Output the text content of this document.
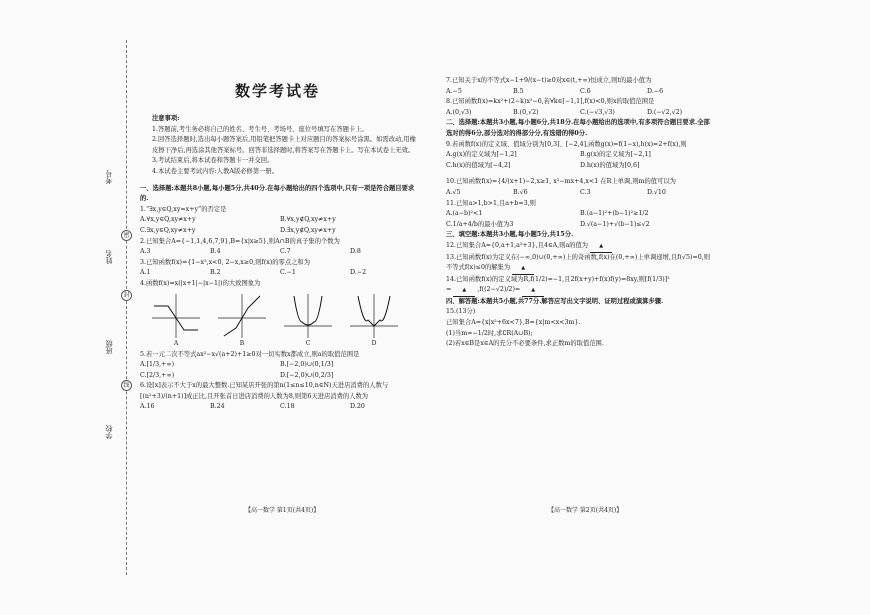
考号
姓名
班级
学校
密
封
线
数学考试卷
注意事项:
1.答题前,考生务必将自己的姓名、考生号、考场号、座位号填写在答题卡上。
2.回答选择题时,选出每小题答案后,用铅笔把答题卡上对应题目的答案标号涂黑。如需改动,用橡皮擦干净后,再选涂其他答案标号。回答非选择题时,将答案写在答题卡上。写在本试卷上无效。
3.考试结束后,将本试卷和答题卡一并交回。
4.本试卷主要考试内容:人教A版必修第一册。
一、选择题:本题共8小题,每小题5分,共40分.在每小题给出的四个选项中,只有一项是符合题目要求的.
1.“∃x,y∈Q,xy=x+y”的否定是
A.∀x,y∈Q,xy≠x+y	B.∀x,y∉Q,xy≠x+y
C.∃x,y∈Q,xy≠x+y	D.∃x,y∉Q,xy≠x+y
2.已知集合A={−1,1,4,6,7,9},B={x|x≥5},则A∩B的真子集的个数为
A.3	B.4	C.7	D.8
3.已知函数f(x)={1−x²,x<0, 2−x,x≥0,则f(x)的零点之和为
A.1	B.2	C.−1	D.−2
4.函数f(x)=x(|x+1|−|x−1|)的大致图象为
A	B	C	D
5.若一元二次不等式ax²−x√(a+2)+1≥0对一切实数x都成立,则a的取值范围是
A.[1/3,+∞)	B.[−2,0)∪(0,1/3]
C.[2/3,+∞)	D.[−2,0)∪(0,2/3]
6.设[x]表示不大于x的最大整数.已知某店开张的第n(1≤n≤10,n∈N)天进店消费的人数与[(n²+3)/(n+1)]成正比,且开张首日进店消费的人数为8,则第6天进店消费的人数为
A.16	B.24	C.18	D.20
【高一数学 第1页(共4页)】
7.已知关于x的不等式x−1+9/(x−t)≥0对x∈(t,+∞)恒成立,则t的最小值为
A.−5	B.5	C.6	D.−6
8.已知函数f(x)=kx²+(2−k)x²−6,若∀k∈[−1,1],f(x)<0,则x的取值范围是
A.(0,√3)	B.(0,√2)	C.(−√3,√3)	D.(−√2,√2)
二、选择题:本题共3小题,每小题6分,共18分.在每小题给出的选项中,有多项符合题目要求.全部选对的得6分,部分选对的得部分分,有选错的得0分.
9.若函数f(x)的定义域、值域分别为[0,3]、[−2,4],函数g(x)=f(1−x),h(x)=2+f(x),则
A.g(x)的定义域为[−1,2]	B.g(x)的定义域为[−2,1]
C.h(x)的值域为[−4,2]	D.h(x)的值域为[0,6]
10.已知函数f(x)={4/(x+1)−2,x≥1, x²−mx+4,x<1 在R上单调,则m的值可以为
A.√5	B.√6	C.3	D.√10
11.已知a>1,b>1,且a+b=3,则
A.(a−b)²<1	B.(a−1)²+(b−1)²≥1/2
C.1/a+4/b的最小值为3	D.√(a−1)+√(b−1)≤√2
三、填空题:本题共3小题,每小题5分,共15分.
12.已知集合A={0,a+1,a²+3},且4∈A,则a的值为 ▲
13.已知函数f(x)为定义在(−∞,0)∪(0,+∞)上的奇函数,f(x)在(0,+∞)上单调递增,且f(√5)=0,则不等式f(x)≤0的解集为 ▲
14.已知函数f(x)的定义域为R,f(1/2)=−1,且2f(x+y)+f(x)f(y)=8xy,则[f(1/3)]²
= ▲ ,f((2−√2)/2)= ▲
四、解答题:本题共5小题,共77分.解答应写出文字说明、证明过程或演算步骤.
15.(13分)
已知集合A={x|x²+6x<7},B={x|m<x<3m}.
(1)当m=−1/2时,求∁R(A∪B);
(2)若x∈B是x∈A的充分不必要条件,求正数m的取值范围.
【高一数学 第2页(共4页)】
